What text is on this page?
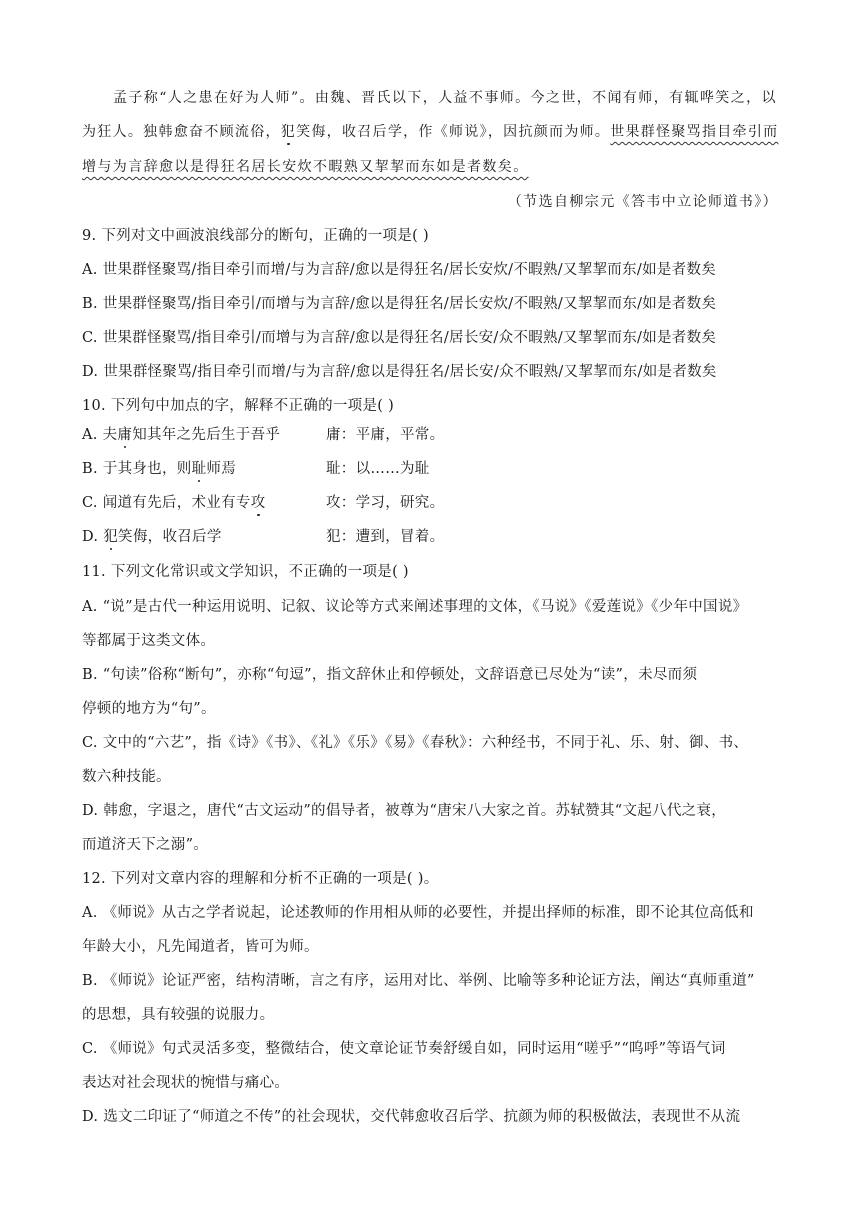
孟子称“人之患在好为人师”。由魏、晋氏以下，人益不事师。今之世，不闻有师，有辄哗笑之，以
为狂人。独韩愈奋不顾流俗，犯笑侮，收召后学，作《师说》，因抗颜而为师。世果群怪聚骂指目牵引而
增与为言辞愈以是得狂名居长安炊不暇熟又挈挈而东如是者数矣。
（节选自柳宗元《答韦中立论师道书》）
9. 下列对文中画波浪线部分的断句，正确的一项是( )
A. 世果群怪聚骂/指目牵引而增/与为言辞/愈以是得狂名/居长安炊/不暇熟/又挈挈而东/如是者数矣
B. 世果群怪聚骂/指目牵引/而增与为言辞/愈以是得狂名/居长安炊/不暇熟/又挈挈而东/如是者数矣
C. 世果群怪聚骂/指目牵引/而增与为言辞/愈以是得狂名/居长安/众不暇熟/又挈挈而东/如是者数矣
D. 世果群怪聚骂/指目牵引而增/与为言辞/愈以是得狂名/居长安/众不暇熟/又挈挈而东/如是者数矣
10. 下列句中加点的字，解释不正确的一项是( )
A. 夫庸知其年之先后生于吾乎	庸：平庸，平常。
B. 于其身也，则耻师焉	耻：以……为耻
C. 闻道有先后，术业有专攻	攻：学习，研究。
D. 犯笑侮，收召后学	犯：遭到，冒着。
11. 下列文化常识或文学知识，不正确的一项是( )
A. “说”是古代一种运用说明、记叙、议论等方式来阐述事理的文体，《马说》《爱莲说》《少年中国说》
等都属于这类文体。
B. “句读”俗称“断句”，亦称“句逗”，指文辞休止和停顿处，文辞语意已尽处为“读”，未尽而须
停顿的地方为“句”。
C. 文中的“六艺”，指《诗》《书》、《礼》《乐》《易》《春秋》：六种经书，不同于礼、乐、射、御、书、
数六种技能。
D. 韩愈，字退之，唐代“古文运动”的倡导者，被尊为“唐宋八大家之首。苏轼赞其“文起八代之衰，
而道济天下之溺”。
12. 下列对文章内容的理解和分析不正确的一项是( )。
A. 《师说》从古之学者说起，论述教师的作用相从师的必要性，并提出择师的标准，即不论其位高低和
年龄大小，凡先闻道者，皆可为师。
B. 《师说》论证严密，结构清晰，言之有序，运用对比、举例、比喻等多种论证方法，阐达“真师重道”
的思想，具有较强的说服力。
C. 《师说》句式灵活多变，整微结合，使文章论证节奏舒缓自如，同时运用“嗟乎”“呜呼”等语气词
表达对社会现状的惋惜与痛心。
D. 选文二印证了“师道之不传”的社会现状，交代韩愈收召后学、抗颜为师的积极做法，表现世不从流
